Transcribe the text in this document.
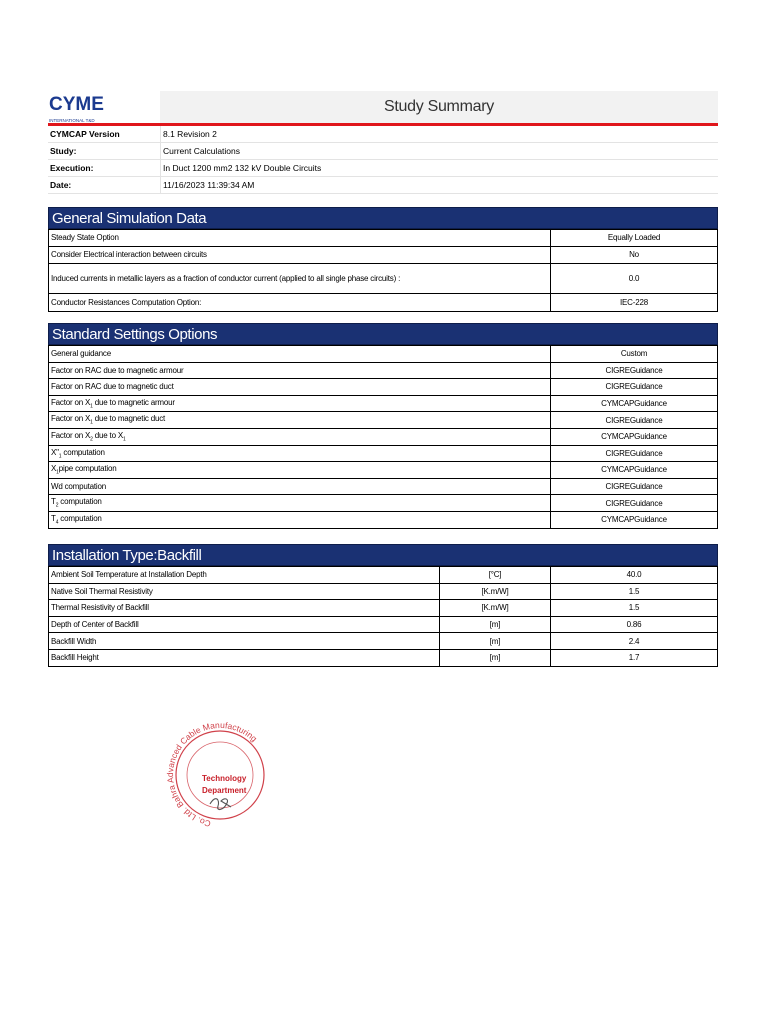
CYME
INTERNATIONAL T&D
Study Summary
CYMCAP Version	8.1 Revision 2
Study:	Current Calculations
Execution:	In Duct 1200 mm2 132 kV Double Circuits
Date:	11/16/2023 11:39:34 AM
General Simulation Data
Steady State Option	Equally Loaded
Consider Electrical interaction between circuits	No
Induced currents in metallic layers as a fraction of conductor current (applied to all single phase circuits) :	0.0
Conductor Resistances Computation Option:	IEC-228
Standard Settings Options
General guidance	Custom
Factor on RAC due to magnetic armour	CIGREGuidance
Factor on RAC due to magnetic duct	CIGREGuidance
Factor on $X_1$ due to magnetic armour	CYMCAPGuidance
Factor on $X_1$ due to magnetic duct	CIGREGuidance
Factor on $X_2$ due to $X_1$	CYMCAPGuidance
$X"_1$ computation	CIGREGuidance
$X_1pipe$ computation	CYMCAPGuidance
Wd computation	CIGREGuidance
$T_2$ computation	CIGREGuidance
$T_4$ computation	CYMCAPGuidance
Installation Type:Backfill
Ambient Soil Temperature at Installation Depth	[°C]	40.0
Native Soil Thermal Resistivity	[K.m/W]	1.5
Thermal Resistivity of Backfill	[K.m/W]	1.5
Depth of Center of Backfill	[m]	0.86
Backfill Width	[m]	2.4
Backfill Height	[m]	1.7
Co. Ltd. Bahra Advanced Cable Manufacturing
Technology
Department
